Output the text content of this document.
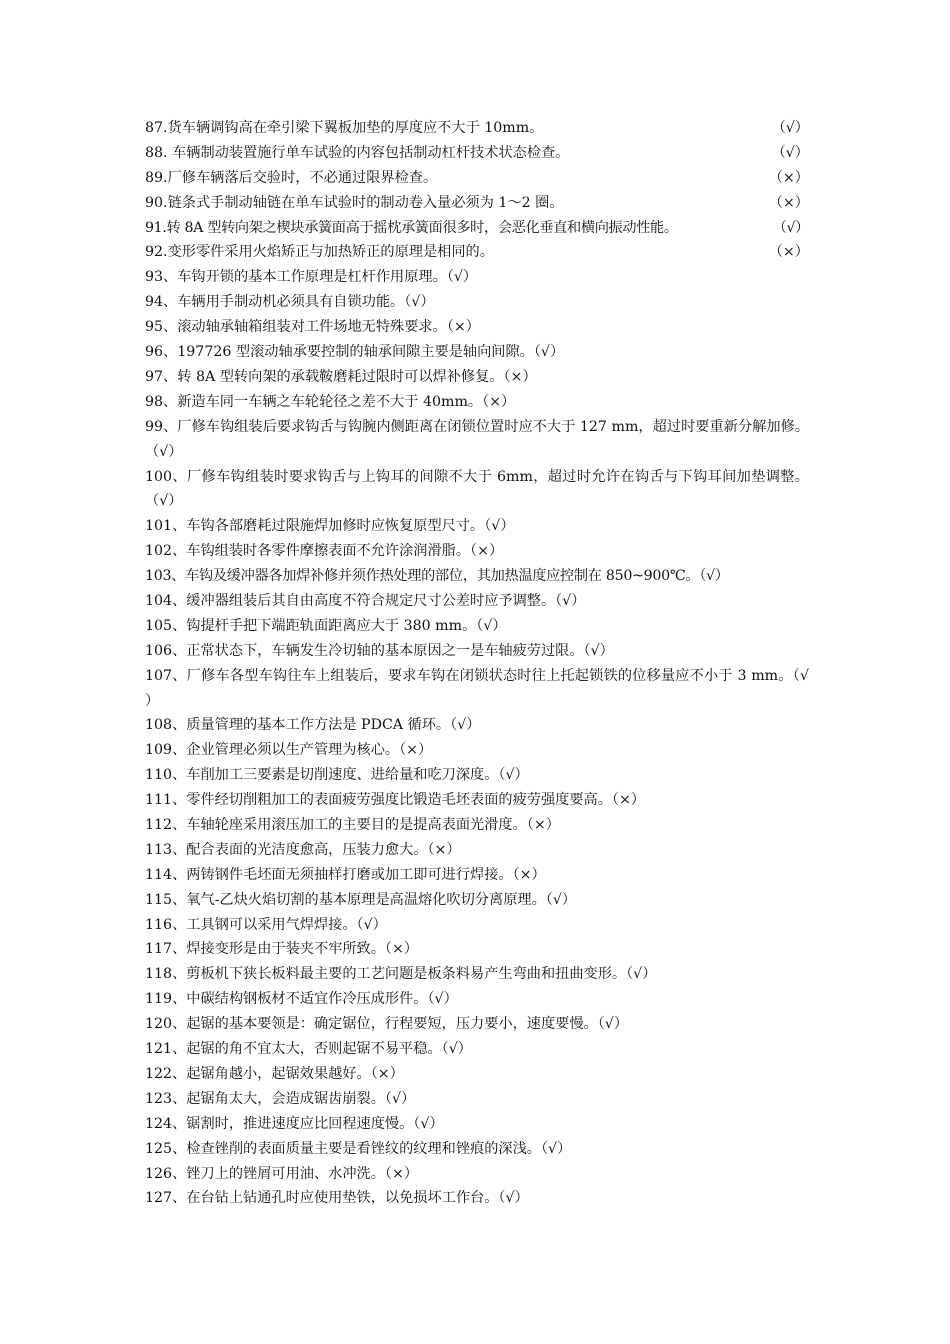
87.货车辆调钩高在牵引梁下翼板加垫的厚度应不大于 10mm。	（√）
88. 车辆制动装置施行单车试验的内容包括制动杠杆技术状态检查。	（√）
89.厂修车辆落后交验时，不必通过限界检查。	（×）
90.链条式手制动轴链在单车试验时的制动卷入量必须为 1～2 圈。	（×）
91.转 8A 型转向架之楔块承簧面高于摇枕承簧面很多时，会恶化垂直和横向振动性能。	（√）
92.变形零件采用火焰矫正与加热矫正的原理是相同的。	（×）
93、车钩开锁的基本工作原理是杠杆作用原理。（√）
94、车辆用手制动机必须具有自锁功能。（√）
95、滚动轴承轴箱组装对工件场地无特殊要求。（×）
96、197726 型滚动轴承要控制的轴承间隙主要是轴向间隙。（√）
97、转 8A 型转向架的承载鞍磨耗过限时可以焊补修复。（×）
98、新造车同一车辆之车轮轮径之差不大于 40mm。（×）
99、厂修车钩组装后要求钩舌与钩腕内侧距离在闭锁位置时应不大于 127 mm，超过时要重新分解加修。（√）
100、厂修车钩组装时要求钩舌与上钩耳的间隙不大于 6mm，超过时允许在钩舌与下钩耳间加垫调整。（√）
101、车钩各部磨耗过限施焊加修时应恢复原型尺寸。（√）
102、车钩组装时各零件摩擦表面不允许涂润滑脂。（×）
103、车钩及缓冲器各加焊补修并须作热处理的部位，其加热温度应控制在 850~900℃。（√）
104、缓冲器组装后其自由高度不符合规定尺寸公差时应予调整。（√）
105、钩提杆手把下端距轨面距离应大于 380 mm。（√）
106、正常状态下，车辆发生冷切轴的基本原因之一是车轴疲劳过限。（√）
107、厂修车各型车钩往车上组装后，要求车钩在闭锁状态时往上托起锁铁的位移量应不小于 3 mm。（√ ）
108、质量管理的基本工作方法是 PDCA 循环。（√）
109、企业管理必须以生产管理为核心。（×）
110、车削加工三要素是切削速度、进给量和吃刀深度。（√）
111、零件经切削粗加工的表面疲劳强度比锻造毛坯表面的疲劳强度要高。（×）
112、车轴轮座采用滚压加工的主要目的是提高表面光滑度。（×）
113、配合表面的光洁度愈高，压装力愈大。（×）
114、两铸钢件毛坯面无须抽样打磨或加工即可进行焊接。（×）
115、氧气-乙炔火焰切割的基本原理是高温熔化吹切分离原理。（√）
116、工具钢可以采用气焊焊接。（√）
117、焊接变形是由于装夹不牢所致。（×）
118、剪板机下狭长板料最主要的工艺问题是板条料易产生弯曲和扭曲变形。（√）
119、中碳结构钢板材不适宜作冷压成形件。（√）
120、起锯的基本要领是：确定锯位，行程要短，压力要小，速度要慢。（√）
121、起锯的角不宜太大，否则起锯不易平稳。（√）
122、起锯角越小，起锯效果越好。（×）
123、起锯角太大，会造成锯齿崩裂。（√）
124、锯割时，推进速度应比回程速度慢。（√）
125、检查锉削的表面质量主要是看锉纹的纹理和锉痕的深浅。（√）
126、锉刀上的锉屑可用油、水冲洗。（×）
127、在台钻上钻通孔时应使用垫铁，以免损坏工作台。（√）
